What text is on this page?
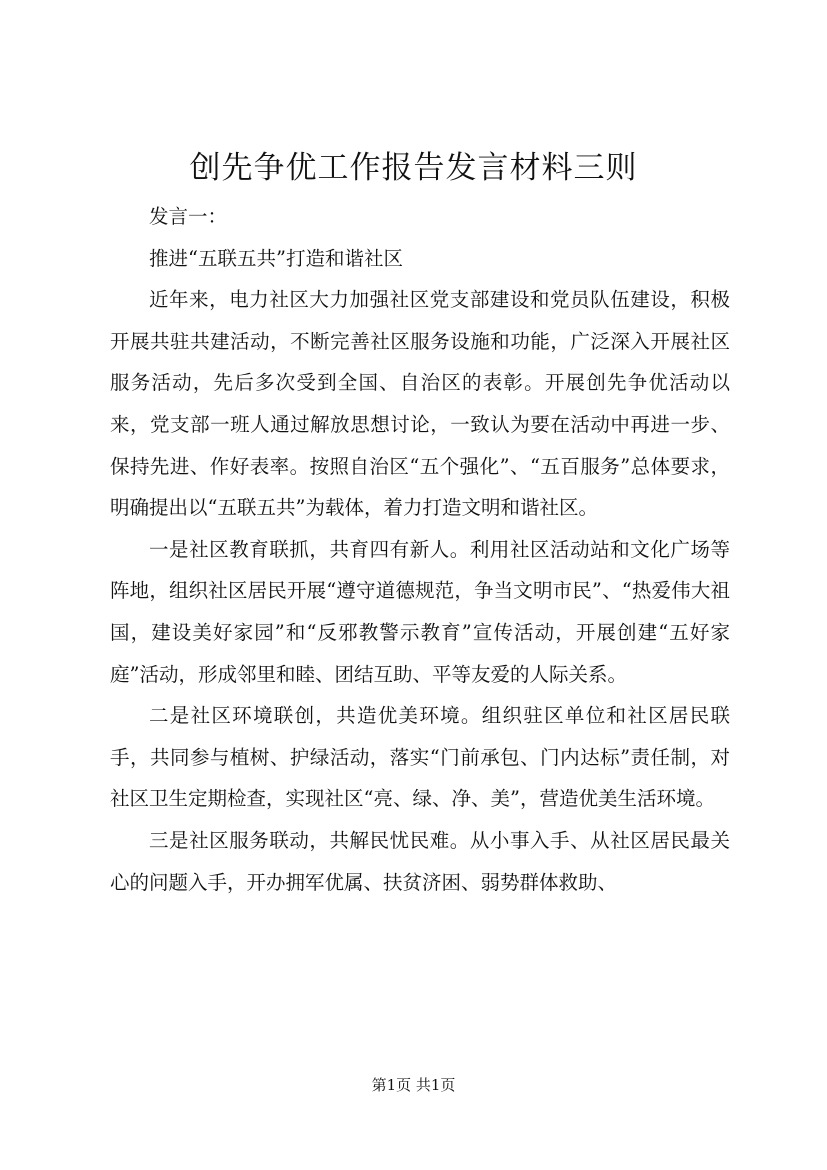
创先争优工作报告发言材料三则

发言一：

推进“五联五共”打造和谐社区

近年来，电力社区大力加强社区党支部建设和党员队伍建设，积极开展共驻共建活动，不断完善社区服务设施和功能，广泛深入开展社区服务活动，先后多次受到全国、自治区的表彰。开展创先争优活动以来，党支部一班人通过解放思想讨论，一致认为要在活动中再进一步、保持先进、作好表率。按照自治区“五个强化”、“五百服务”总体要求，明确提出以“五联五共”为载体，着力打造文明和谐社区。

一是社区教育联抓，共育四有新人。利用社区活动站和文化广场等阵地，组织社区居民开展“遵守道德规范，争当文明市民”、“热爱伟大祖国，建设美好家园”和“反邪教警示教育”宣传活动，开展创建“五好家庭”活动，形成邻里和睦、团结互助、平等友爱的人际关系。

二是社区环境联创，共造优美环境。组织驻区单位和社区居民联手，共同参与植树、护绿活动，落实“门前承包、门内达标”责任制，对社区卫生定期检查，实现社区“亮、绿、净、美”，营造优美生活环境。

三是社区服务联动，共解民忧民难。从小事入手、从社区居民最关心的问题入手，开办拥军优属、扶贫济困、弱势群体救助、

第1页 共1页
